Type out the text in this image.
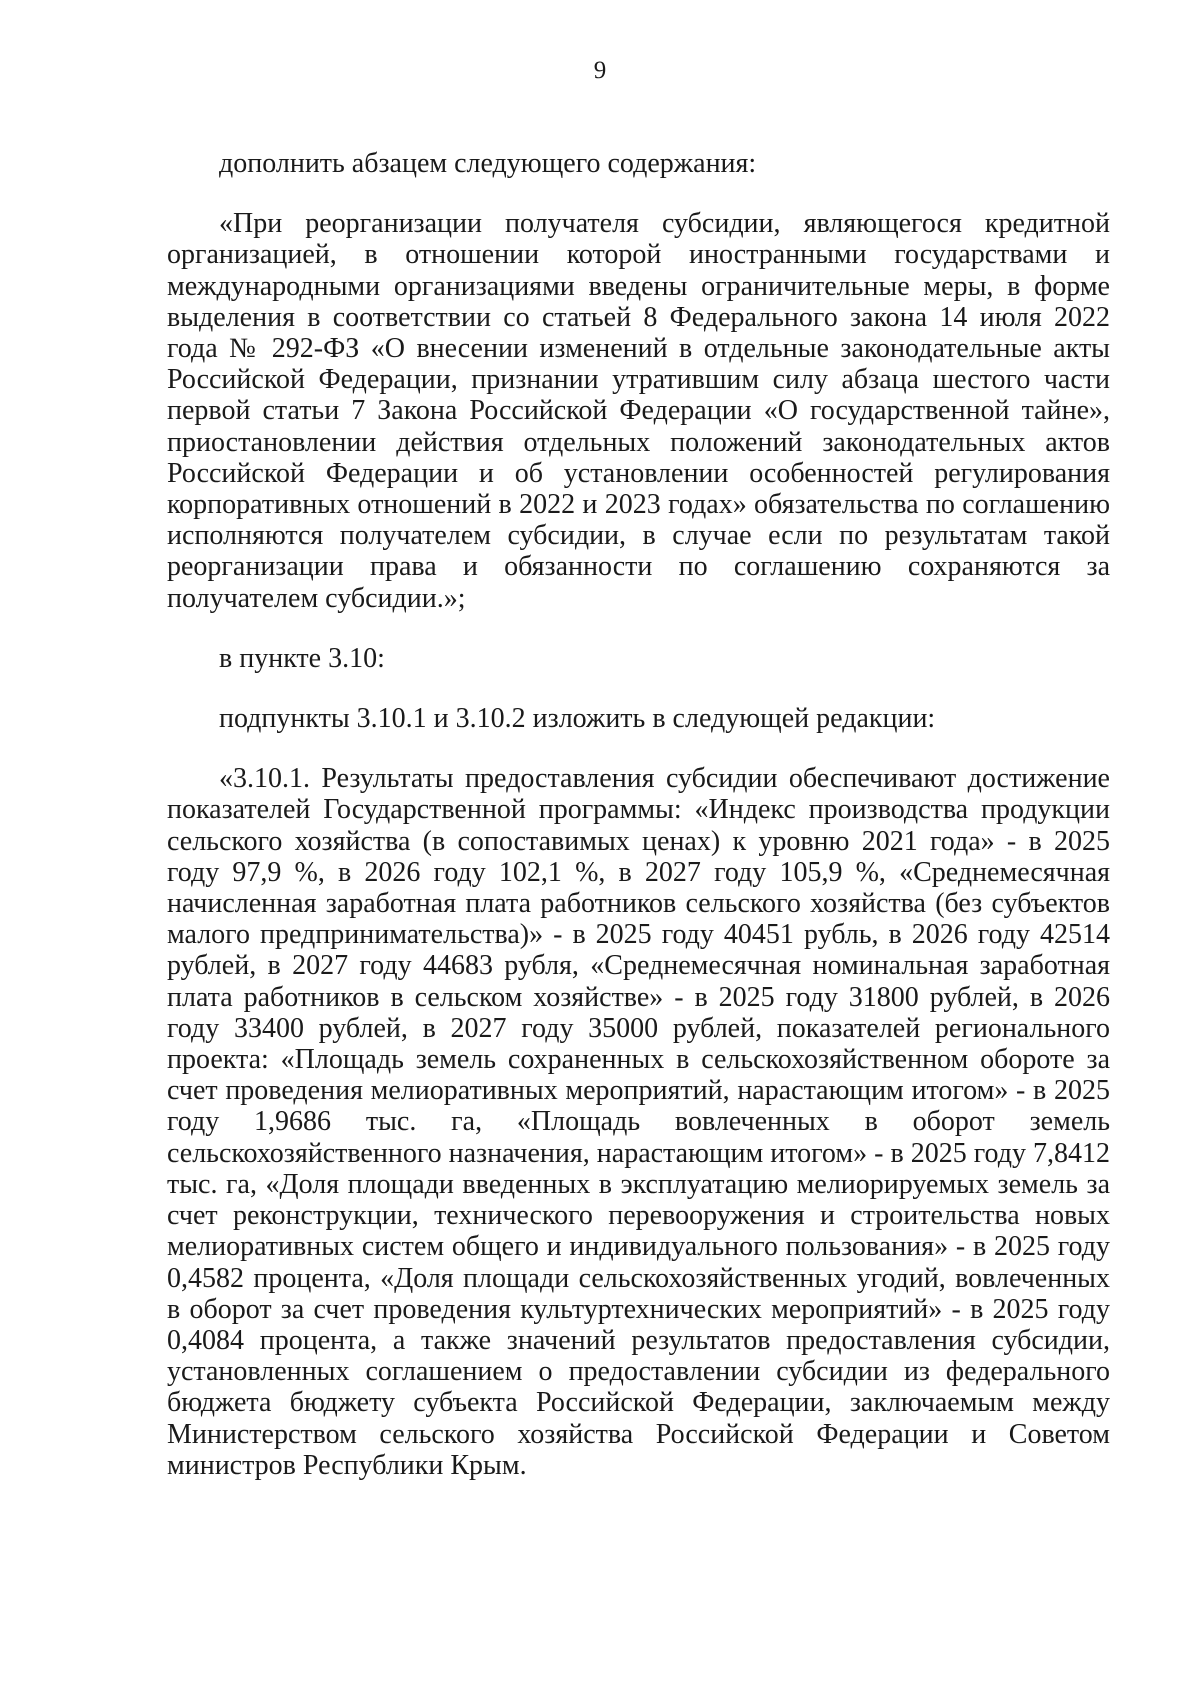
9

дополнить абзацем следующего содержания:

«При реорганизации получателя субсидии, являющегося кредитной организацией, в отношении которой иностранными государствами и международными организациями введены ограничительные меры, в форме выделения в соответствии со статьей 8 Федерального закона 14 июля 2022 года № 292-ФЗ «О внесении изменений в отдельные законодательные акты Российской Федерации, признании утратившим силу абзаца шестого части первой статьи 7 Закона Российской Федерации «О государственной тайне», приостановлении действия отдельных положений законодательных актов Российской Федерации и об установлении особенностей регулирования корпоративных отношений в 2022 и 2023 годах» обязательства по соглашению исполняются получателем субсидии, в случае если по результатам такой реорганизации права и обязанности по соглашению сохраняются за получателем субсидии.»;

в пункте 3.10:

подпункты 3.10.1 и 3.10.2 изложить в следующей редакции:

«3.10.1. Результаты предоставления субсидии обеспечивают достижение показателей Государственной программы: «Индекс производства продукции сельского хозяйства (в сопоставимых ценах) к уровню 2021 года» - в 2025 году 97,9 %, в 2026 году 102,1 %, в 2027 году 105,9 %, «Среднемесячная начисленная заработная плата работников сельского хозяйства (без субъектов малого предпринимательства)» - в 2025 году 40451 рубль, в 2026 году 42514 рублей, в 2027 году 44683 рубля, «Среднемесячная номинальная заработная плата работников в сельском хозяйстве» - в 2025 году 31800 рублей, в 2026 году 33400 рублей, в 2027 году 35000 рублей, показателей регионального проекта: «Площадь земель сохраненных в сельскохозяйственном обороте за счет проведения мелиоративных мероприятий, нарастающим итогом» - в 2025 году 1,9686 тыс. га, «Площадь вовлеченных в оборот земель сельскохозяйственного назначения, нарастающим итогом» - в 2025 году 7,8412 тыс. га, «Доля площади введенных в эксплуатацию мелиорируемых земель за счет реконструкции, технического перевооружения и строительства новых мелиоративных систем общего и индивидуального пользования» - в 2025 году 0,4582 процента, «Доля площади сельскохозяйственных угодий, вовлеченных в оборот за счет проведения культуртехнических мероприятий» - в 2025 году 0,4084 процента, а также значений результатов предоставления субсидии, установленных соглашением о предоставлении субсидии из федерального бюджета бюджету субъекта Российской Федерации, заключаемым между Министерством сельского хозяйства Российской Федерации и Советом министров Республики Крым.
